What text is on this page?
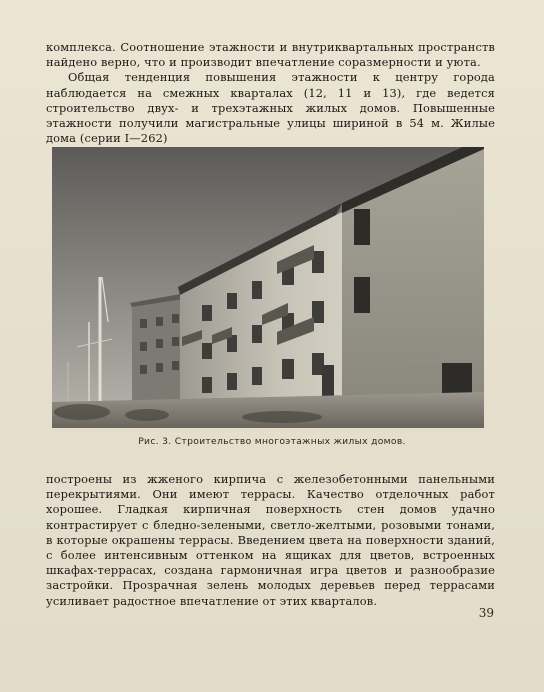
комплекса. Соотношение этажности и внутриквартальных пространств найдено верно, что и производит впечатление соразмерности и уюта.

Общая тенденция повышения этажности к центру города наблюдается на смежных кварталах (12, 11 и 13), где ведется строительство двух- и трехэтажных жилых домов. Повышенные этажности получили магистральные улицы шириной в 54 м. Жилые дома (серии I—262)

Рис. 3. Строительство многоэтажных жилых домов.

построены из жженого кирпича с железобетонными панельными перекрытиями. Они имеют террасы. Качество отделочных работ хорошее. Гладкая кирпичная поверхность стен домов удачно контрастирует с бледно-зелеными, светло-желтыми, розовыми тонами, в которые окрашены террасы. Введением цвета на поверхности зданий, с более интенсивным оттенком на ящиках для цветов, встроенных шкафах-террасах, создана гармоничная игра цветов и разнообразие застройки. Прозрачная зелень молодых деревьев перед террасами усиливает радостное впечатление от этих кварталов.

39
